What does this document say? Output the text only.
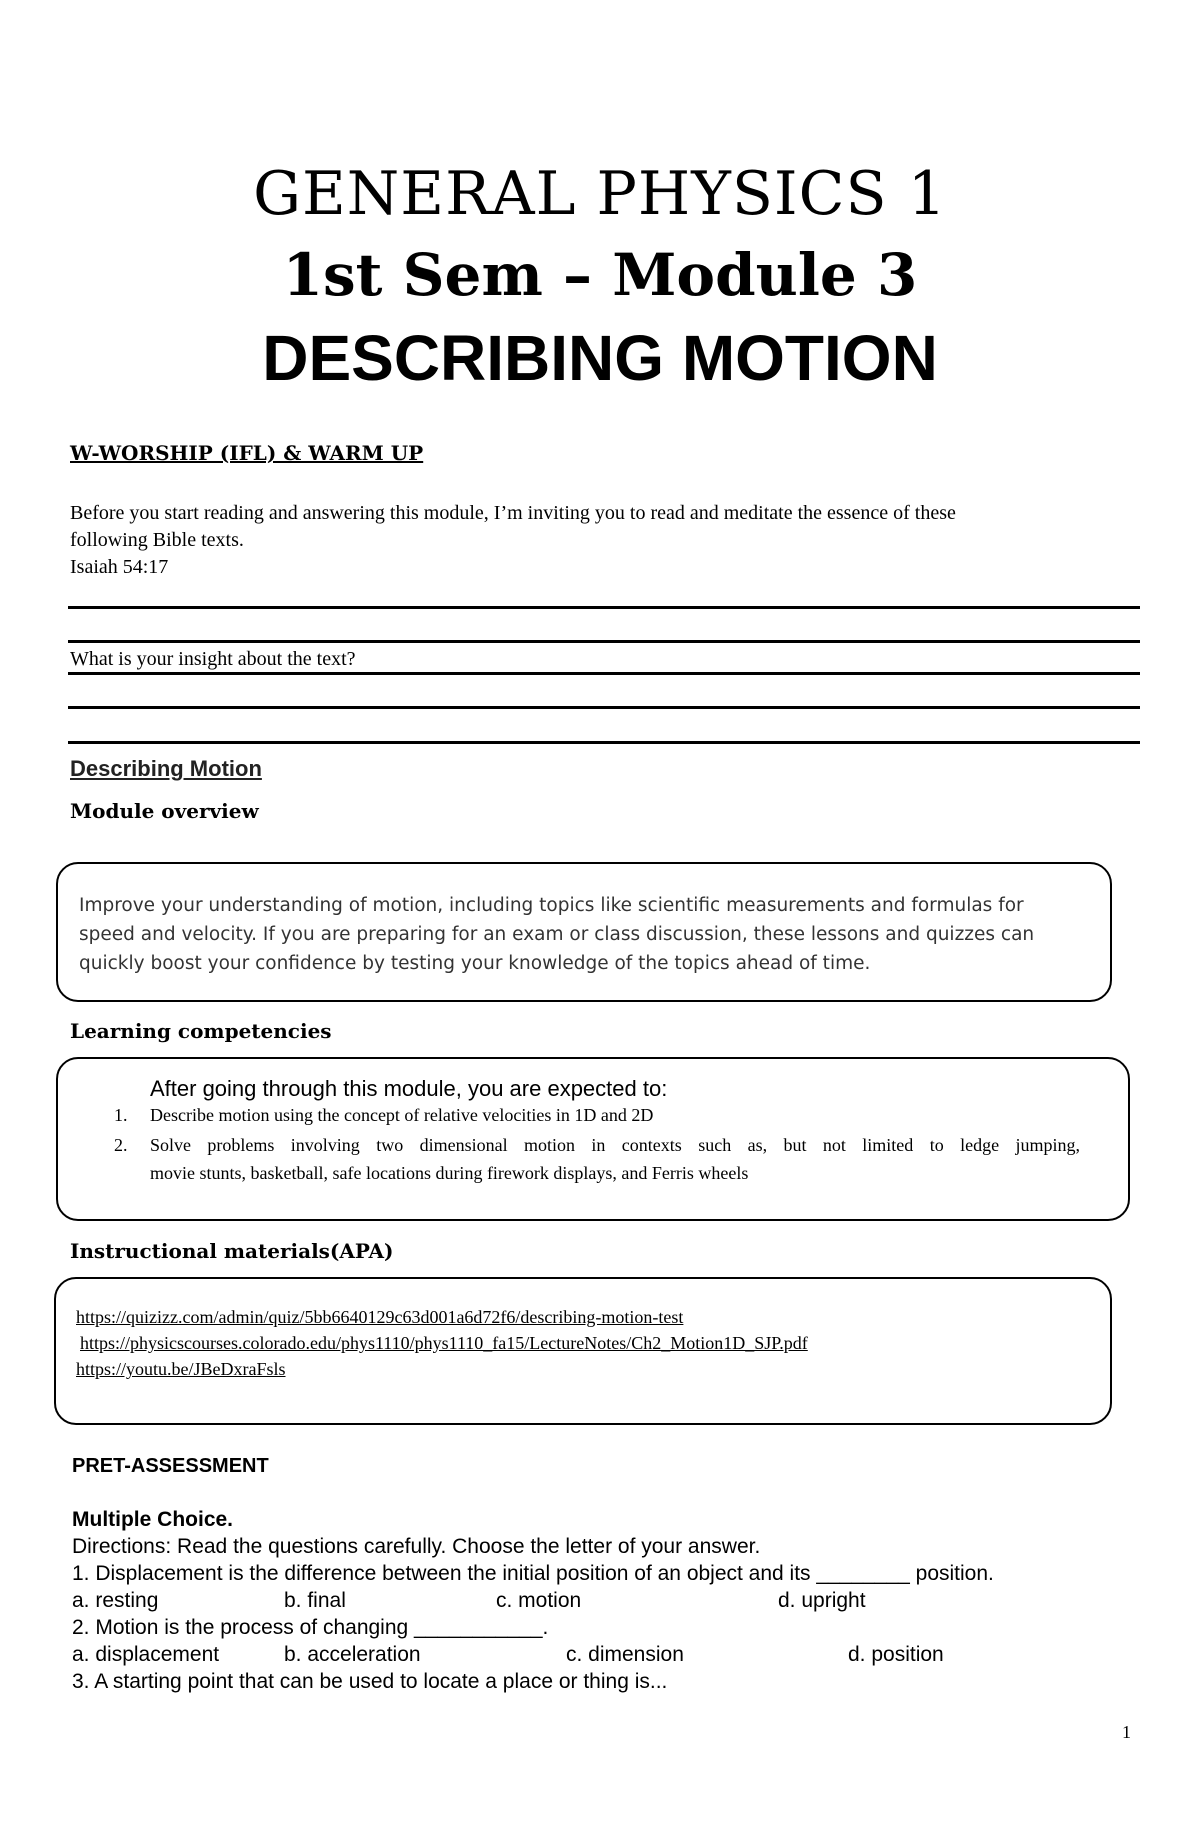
GENERAL PHYSICS 1
1st Sem – Module 3
DESCRIBING MOTION
W-WORSHIP (IFL) & WARM UP
Before you start reading and answering this module, I’m inviting you to read and meditate the essence of these
following Bible texts.
Isaiah 54:17
What is your insight about the text?
Describing Motion
Module overview
Improve your understanding of motion, including topics like scientific measurements and formulas for
speed and velocity. If you are preparing for an exam or class discussion, these lessons and quizzes can
quickly boost your confidence by testing your knowledge of the topics ahead of time.
Learning competencies
After going through this module, you are expected to:
1. Describe motion using the concept of relative velocities in 1D and 2D
2. Solve problems involving two dimensional motion in contexts such as, but not limited to ledge jumping,
movie stunts, basketball, safe locations during firework displays, and Ferris wheels
Instructional materials(APA)
https://quizizz.com/admin/quiz/5bb6640129c63d001a6d72f6/describing-motion-test
https://physicscourses.colorado.edu/phys1110/phys1110_fa15/LectureNotes/Ch2_Motion1D_SJP.pdf
https://youtu.be/JBeDxraFsls
PRET-ASSESSMENT
Multiple Choice.
Directions: Read the questions carefully. Choose the letter of your answer.
1. Displacement is the difference between the initial position of an object and its ________ position.
a. resting	b. final	c. motion	d. upright
2. Motion is the process of changing ___________.
a. displacement	b. acceleration	c. dimension	d. position
3. A starting point that can be used to locate a place or thing is...
1
